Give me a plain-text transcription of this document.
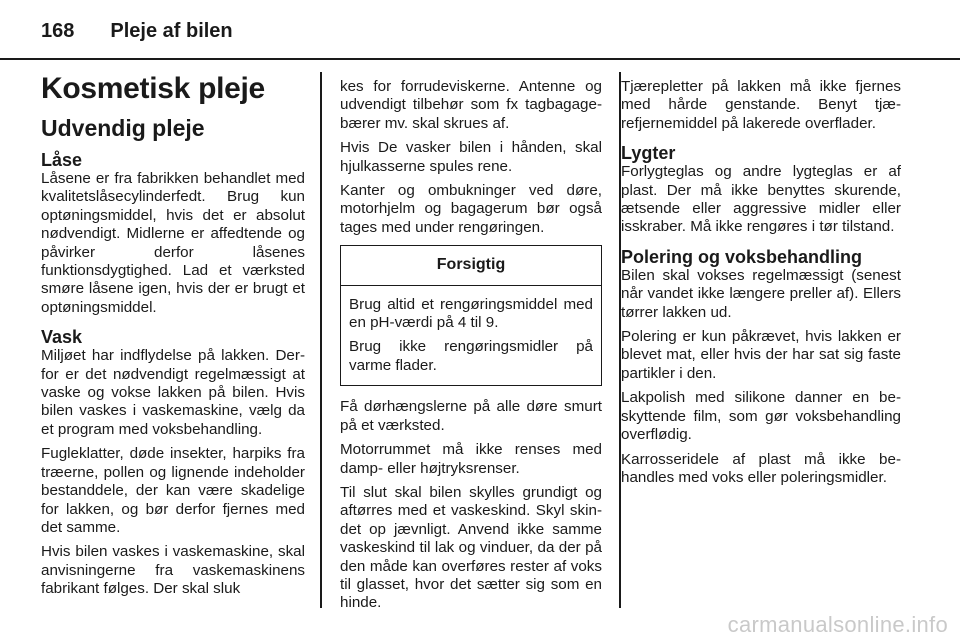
168 Pleje af bilen
Kosmetisk pleje
Udvendig pleje
Låse

Låsene er fra fabrikken behandlet med kvalitetslåsecylinderfedt. Brug kun optøningsmiddel, hvis det er absolut nødvendigt. Midlerne er affedtende og påvirker derfor låsenes funktionsdygtighed. Lad et værksted smøre låsene igen, hvis der er brugt et optøningsmiddel.

Vask

Miljøet har indflydelse på lakken. Derfor er det nødvendigt regelmæssigt at vaske og vokse lakken på bilen. Hvis bilen vaskes i vaskemaskine, vælg da et program med voksbehandling.

Fugleklatter, døde insekter, harpiks fra træerne, pollen og lignende indeholder bestanddele, der kan være skadelige for lakken, og bør derfor fjernes med det samme.

Hvis bilen vaskes i vaskemaskine, skal anvisningerne fra vaskemaskinens fabrikant følges. Der skal sluk

kes for forrudeviskerne. Antenne og udvendigt tilbehør som fx tagbagagebærer mv. skal skrues af.

Hvis De vasker bilen i hånden, skal hjulkasserne spules rene.

Kanter og ombukninger ved døre, motorhjelm og bagagerum bør også tages med under rengøringen.

Forsigtig

Brug altid et rengøringsmiddel med en pH-værdi på 4 til 9.

Brug ikke rengøringsmidler på varme flader.

Få dørhængslerne på alle døre smurt på et værksted.

Motorrummet må ikke renses med damp- eller højtryksrenser.

Til slut skal bilen skylles grundigt og aftørres med et vaskeskind. Skyl skindet op jævnligt. Anvend ikke samme vaskeskind til lak og vinduer, da der på den måde kan overføres rester af voks til glasset, hvor det sætter sig som en hinde.

Tjærepletter på lakken må ikke fjernes med hårde genstande. Benyt tjærefjernemiddel på lakerede overflader.

Lygter

Forlygteglas og andre lygteglas er af plast. Der må ikke benyttes skurende, ætsende eller aggressive midler eller isskraber. Må ikke rengøres i tør tilstand.

Polering og voksbehandling

Bilen skal vokses regelmæssigt (senest når vandet ikke længere preller af). Ellers tørrer lakken ud.

Polering er kun påkrævet, hvis lakken er blevet mat, eller hvis der har sat sig faste partikler i den.

Lakpolish med silikone danner en beskyttende film, som gør voksbehandling overflødig.

Karrosseridele af plast må ikke behandles med voks eller poleringsmidler.

carmanualsonline.info
